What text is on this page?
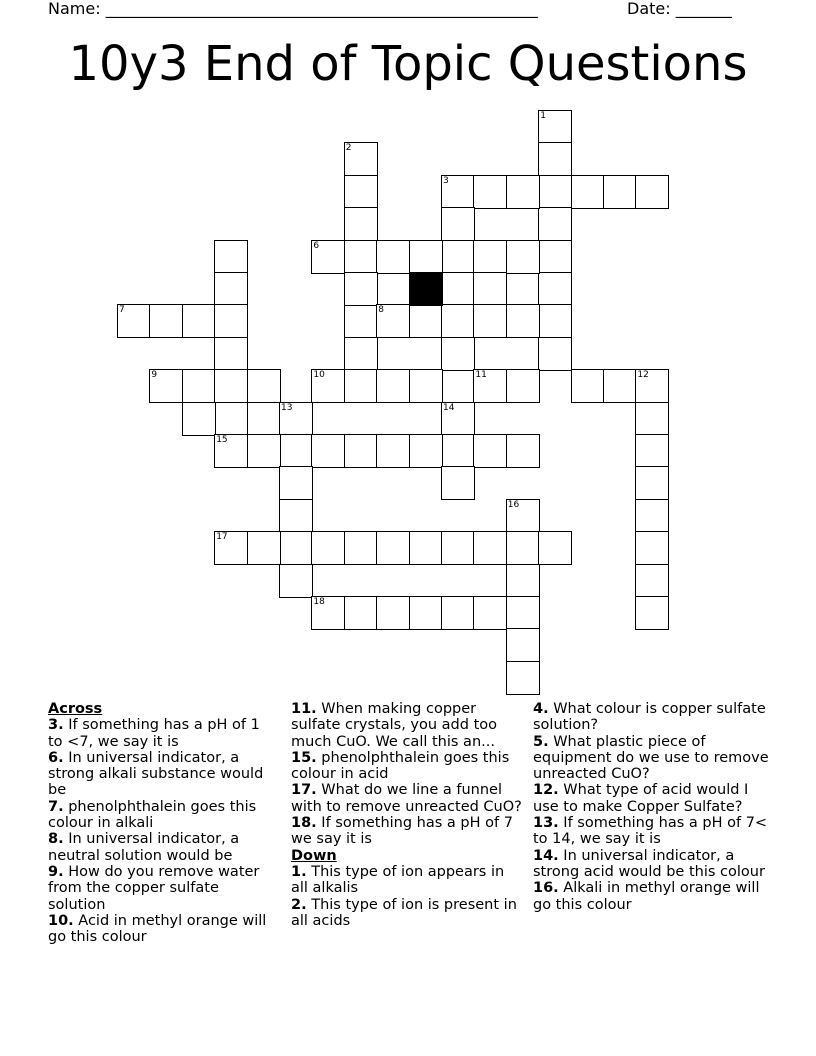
Name: ______________________________________________________	Date: _______
10y3 End of Topic Questions
1
2
3
6
7	8
9	10	11	12
13	14
15
16
17
18

Across

3. If something has a pH of 1 to <7, we say it is

6. In universal indicator, a strong alkali substance would be

7. phenolphthalein goes this colour in alkali

8. In universal indicator, a neutral solution would be

9. How do you remove water from the copper sulfate solution

10. Acid in methyl orange will go this colour

11. When making copper sulfate crystals, you add too much CuO. We call this an...

15. phenolphthalein goes this colour in acid

17. What do we line a funnel with to remove unreacted CuO?

18. If something has a pH of 7 we say it is

Down

1. This type of ion appears in all alkalis

2. This type of ion is present in all acids

4. What colour is copper sulfate solution?

5. What plastic piece of equipment do we use to remove unreacted CuO?

12. What type of acid would I use to make Copper Sulfate?

13. If something has a pH of 7< to 14, we say it is

14. In universal indicator, a strong acid would be this colour

16. Alkali in methyl orange will go this colour
